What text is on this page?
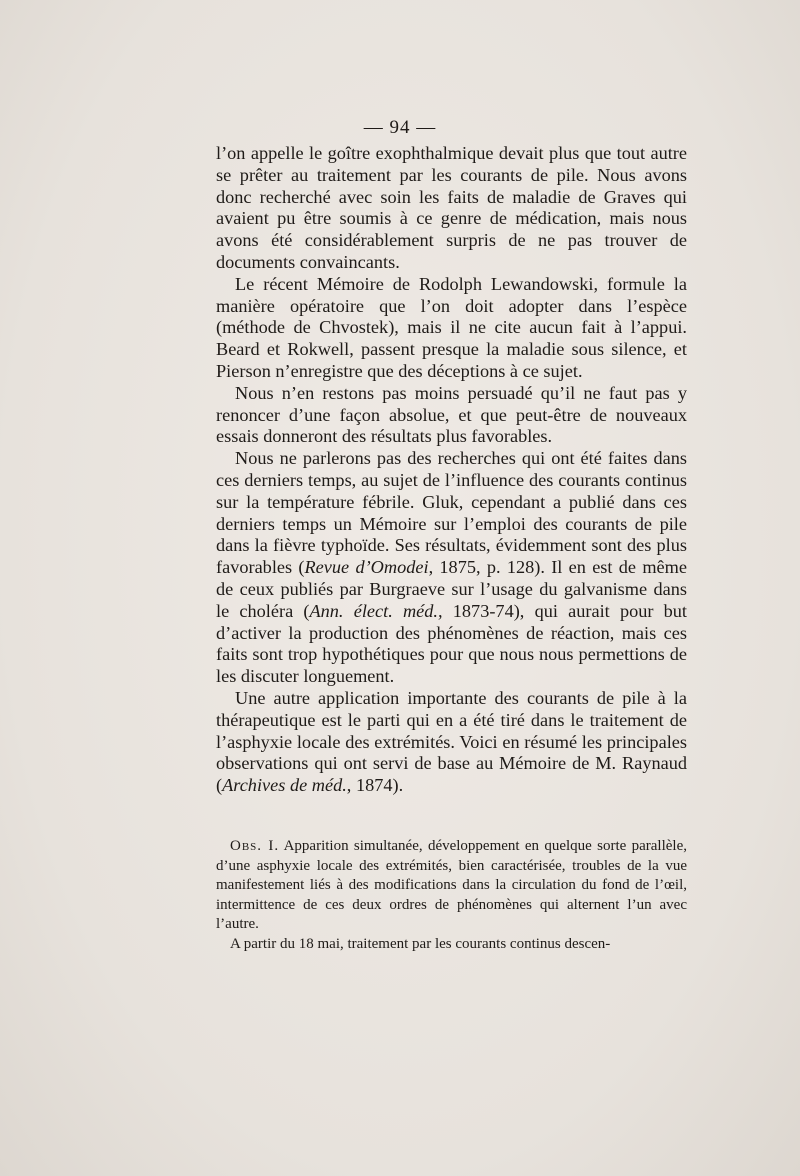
— 94 —

l’on appelle le goître exophthalmique devait plus que tout autre se prêter au traitement par les courants de pile. Nous avons donc recherché avec soin les faits de maladie de Graves qui avaient pu être soumis à ce genre de médication, mais nous avons été considérablement surpris de ne pas trouver de documents convaincants.

Le récent Mémoire de Rodolph Lewandowski, formule la manière opératoire que l’on doit adopter dans l’espèce (méthode de Chvostek), mais il ne cite aucun fait à l’appui. Beard et Rokwell, passent presque la maladie sous silence, et Pierson n’enregistre que des déceptions à ce sujet.

Nous n’en restons pas moins persuadé qu’il ne faut pas y renoncer d’une façon absolue, et que peut-être de nouveaux essais donneront des résultats plus favorables.

Nous ne parlerons pas des recherches qui ont été faites dans ces derniers temps, au sujet de l’influence des courants continus sur la température fébrile. Gluk, cependant a publié dans ces derniers temps un Mémoire sur l’emploi des courants de pile dans la fièvre typhoïde. Ses résultats, évidemment sont des plus favorables (Revue d’Omodei, 1875, p. 128). Il en est de même de ceux publiés par Burgraeve sur l’usage du galvanisme dans le choléra (Ann. élect. méd., 1873-74), qui aurait pour but d’activer la production des phénomènes de réaction, mais ces faits sont trop hypothétiques pour que nous nous permettions de les discuter longuement.

Une autre application importante des courants de pile à la thérapeutique est le parti qui en a été tiré dans le traitement de l’asphyxie locale des extrémités. Voici en résumé les principales observations qui ont servi de base au Mémoire de M. Raynaud (Archives de méd., 1874).

Obs. I. Apparition simultanée, développement en quelque sorte parallèle, d’une asphyxie locale des extrémités, bien caractérisée, troubles de la vue manifestement liés à des modifications dans la circulation du fond de l’œil, intermittence de ces deux ordres de phénomènes qui alternent l’un avec l’autre.

A partir du 18 mai, traitement par les courants continus descen-
